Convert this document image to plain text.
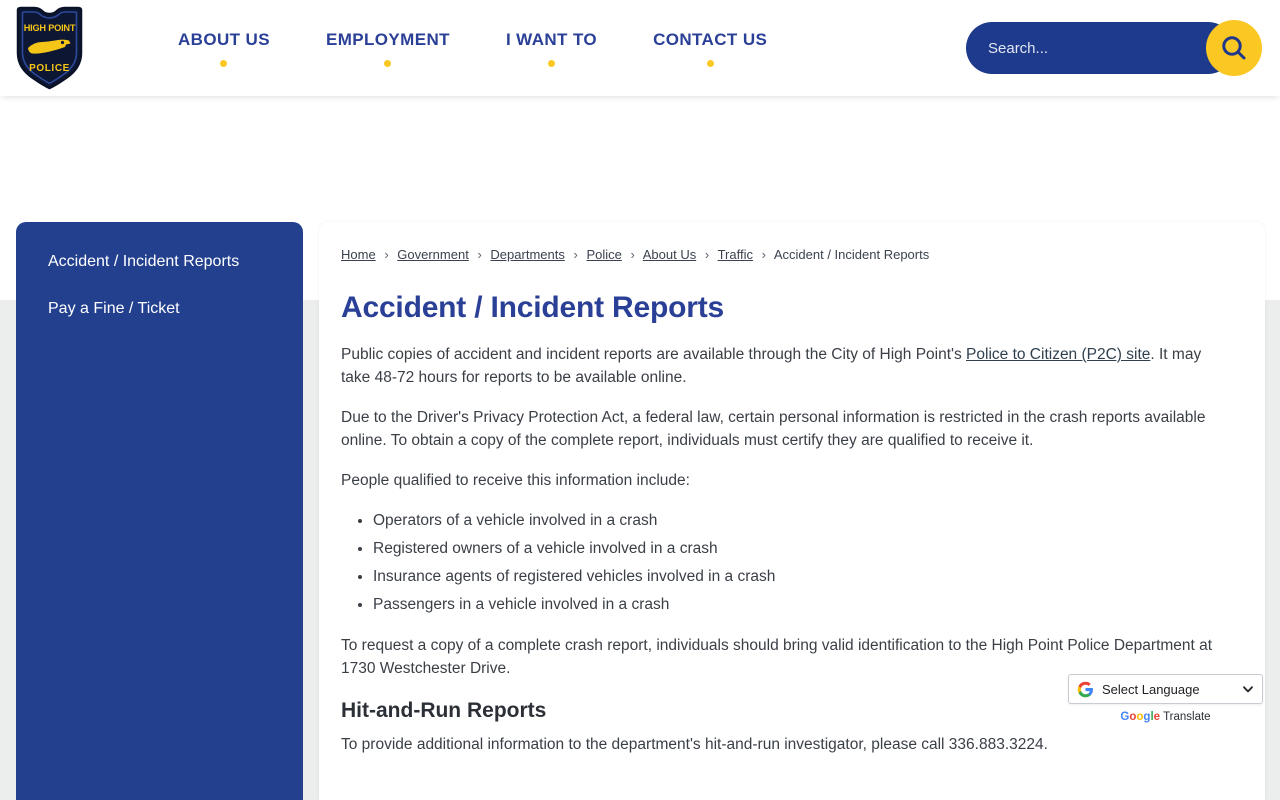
HIGH POINT
POLICE
ABOUT US	EMPLOYMENT	I WANT TO	CONTACT US
Search...
Accident / Incident Reports
Pay a Fine / Ticket
Home › Government › Departments › Police › About Us › Traffic › Accident / Incident Reports
Accident / Incident Reports

Public copies of accident and incident reports are available through the City of High Point's Police to Citizen (P2C) site. It may take 48-72 hours for reports to be available online.

Due to the Driver's Privacy Protection Act, a federal law, certain personal information is restricted in the crash reports available online. To obtain a copy of the complete report, individuals must certify they are qualified to receive it.

People qualified to receive this information include:

• Operators of a vehicle involved in a crash
• Registered owners of a vehicle involved in a crash
• Insurance agents of registered vehicles involved in a crash
• Passengers in a vehicle involved in a crash

To request a copy of a complete crash report, individuals should bring valid identification to the High Point Police Department at 1730 Westchester Drive.

Hit-and-Run Reports

To provide additional information to the department's hit-and-run investigator, please call 336.883.3224.

Select Language
Google Translate
